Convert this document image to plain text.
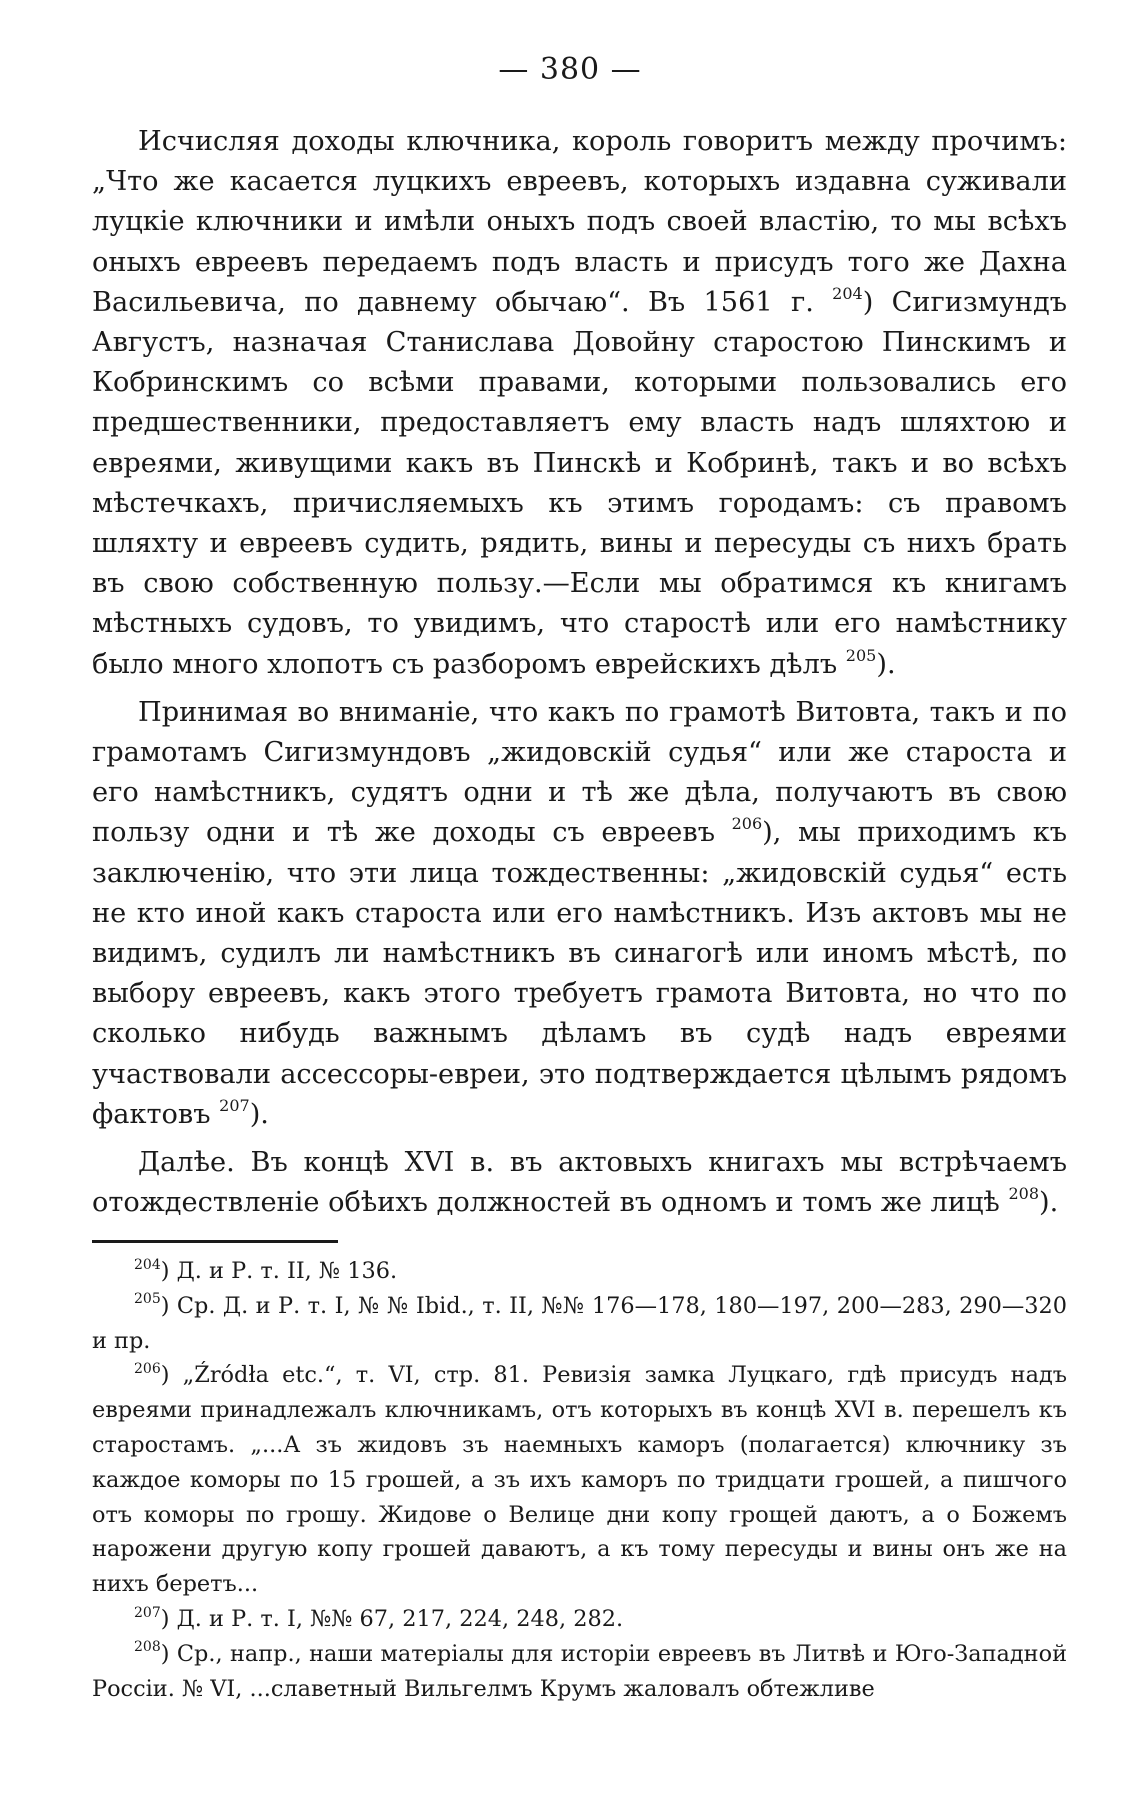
— 380 —

Исчисляя доходы ключника, король говоритъ между прочимъ: „Что же касается луцкихъ евреевъ, которыхъ издавна суживали луцкіе ключники и имѣли оныхъ подъ своей властію, то мы всѣхъ оныхъ евреевъ передаемъ подъ власть и присудъ того же Дахна Васильевича, по давнему обычаю“. Въ 1561 г. $^{204}$) Сигизмундъ Августъ, назначая Станислава Довойну старостою Пинскимъ и Кобринскимъ со всѣми правами, которыми пользовались его предшественники, предоставляетъ ему власть надъ шляхтою и евреями, живущими какъ въ Пинскѣ и Кобринѣ, такъ и во всѣхъ мѣстечкахъ, причисляемыхъ къ этимъ городамъ: съ правомъ шляхту и евреевъ судить, рядить, вины и пересуды съ нихъ брать въ свою собственную пользу.—Если мы обратимся къ книгамъ мѣстныхъ судовъ, то увидимъ, что старостѣ или его намѣстнику было много хлопотъ съ разборомъ еврейскихъ дѣлъ $^{205}$).

Принимая во вниманіе, что какъ по грамотѣ Витовта, такъ и по грамотамъ Сигизмундовъ „жидовскій судья“ или же староста и его намѣстникъ, судятъ одни и тѣ же дѣла, получаютъ въ свою пользу одни и тѣ же доходы съ евреевъ $^{206}$), мы приходимъ къ заключенію, что эти лица тождественны: „жидовскій судья“ есть не кто иной какъ староста или его намѣстникъ. Изъ актовъ мы не видимъ, судилъ ли намѣстникъ въ синагогѣ или иномъ мѣстѣ, по выбору евреевъ, какъ этого требуетъ грамота Витовта, но что по сколько нибудь важнымъ дѣламъ въ судѣ надъ евреями участвовали ассессоры-евреи, это подтверждается цѣлымъ рядомъ фактовъ $^{207}$).

Далѣе. Въ концѣ XVI в. въ актовыхъ книгахъ мы встрѣчаемъ отождествленіе обѣихъ должностей въ одномъ и томъ же лицѣ $^{208}$).

$^{204}$) Д. и Р. т. II, № 136.

$^{205}$) Ср. Д. и Р. т. I, № № Ibid., т. II, №№ 176—178, 180—197, 200—283, 290—320 и пр.

$^{206}$) „Źródła etc.“, т. VI, стр. 81. Ревизія замка Луцкаго, гдѣ присудъ надъ евреями принадлежалъ ключникамъ, отъ которыхъ въ концѣ XVI в. перешелъ къ старостамъ. „...А зъ жидовъ зъ наемныхъ каморъ (полагается) ключнику зъ каждое коморы по 15 грошей, а зъ ихъ каморъ по тридцати грошей, а пишчого отъ коморы по грошу. Жидове о Велице дни копу грощей даютъ, а о Божемъ нарожени другую копу грошей даваютъ, а къ тому пересуды и вины онъ же на нихъ беретъ...

$^{207}$) Д. и Р. т. I, №№ 67, 217, 224, 248, 282.

$^{208}$) Ср., напр., наши матеріалы для исторіи евреевъ въ Литвѣ и Юго-Западной Россіи. № VI, ...славетный Вильгелмъ Крумъ жаловалъ обтежливе
